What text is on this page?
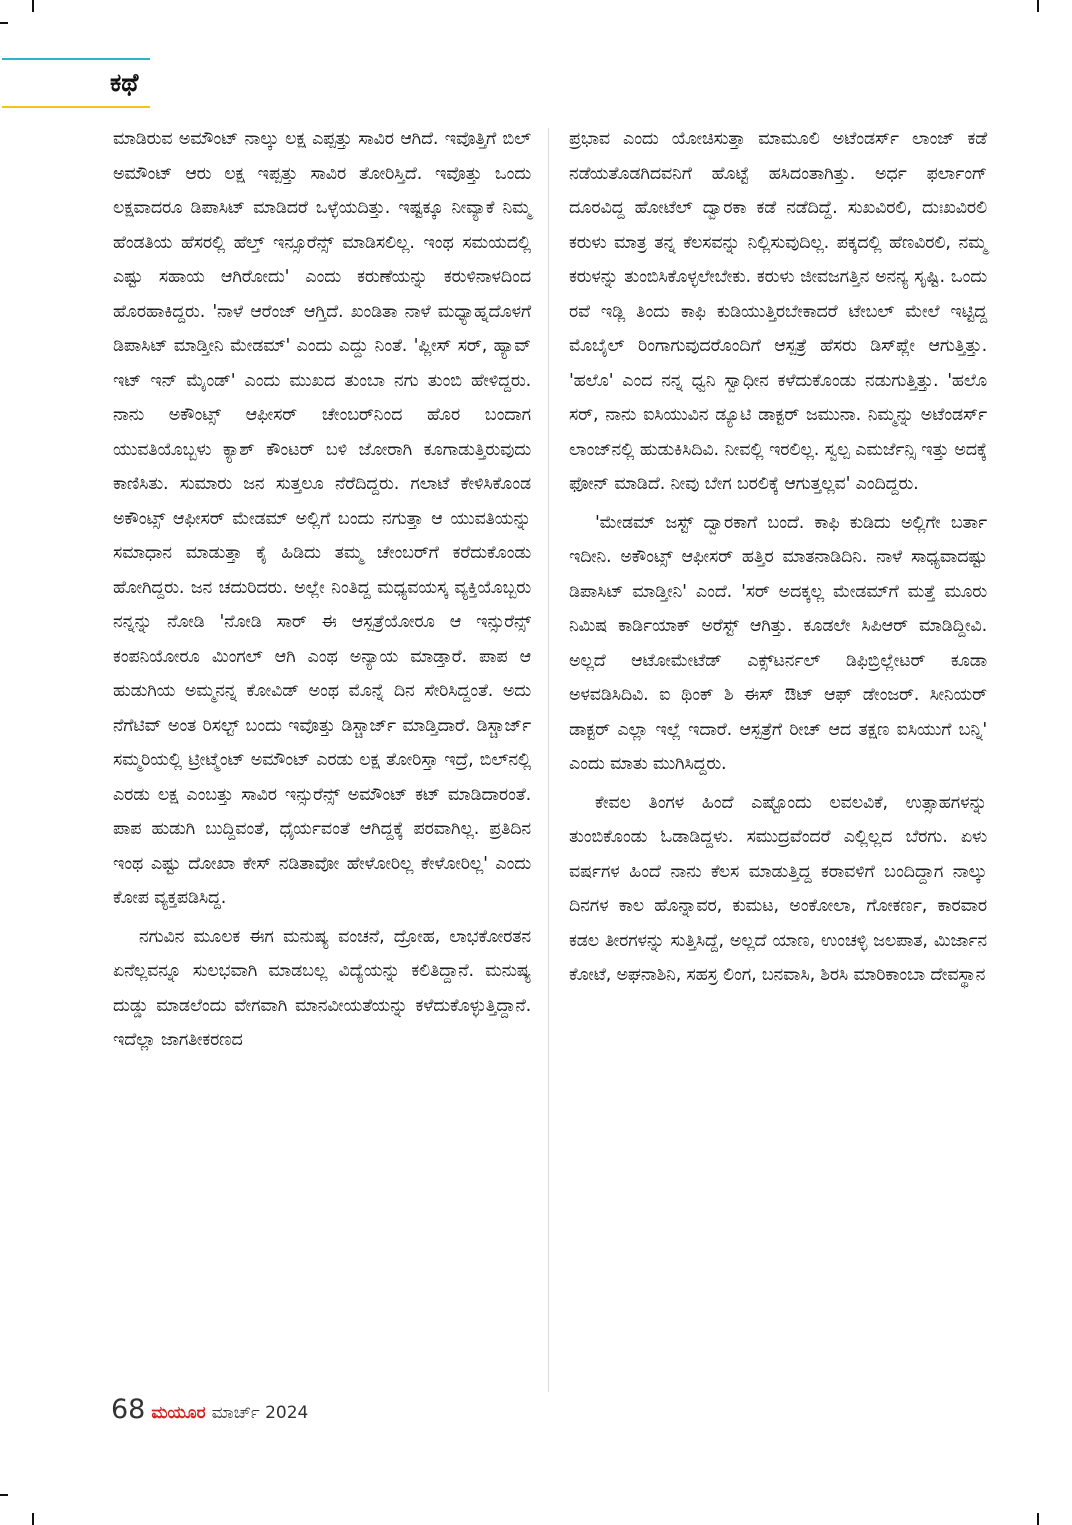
ಕಥೆ

ಮಾಡಿರುವ ಅಮೌಂಟ್ ನಾಲ್ಕು ಲಕ್ಷ ಎಪ್ಪತ್ತು ಸಾವಿರ ಆಗಿದೆ. ಇವೊತ್ತಿಗೆ ಬಿಲ್ ಅಮೌಂಟ್ ಆರು ಲಕ್ಷ ಇಪ್ಪತ್ತು ಸಾವಿರ ತೋರಿಸ್ತಿದೆ. ಇವೊತ್ತು ಒಂದು ಲಕ್ಷವಾದರೂ ಡಿಪಾಸಿಟ್ ಮಾಡಿದರೆ ಒಳ್ಳೆಯದಿತ್ತು. ಇಷ್ಟಕ್ಕೂ ನೀವ್ಯಾಕೆ ನಿಮ್ಮ ಹೆಂಡತಿಯ ಹೆಸರಲ್ಲಿ ಹೆಲ್ತ್ ಇನ್ಸೂರೆನ್ಸ್ ಮಾಡಿಸಲಿಲ್ಲ. ಇಂಥ ಸಮಯದಲ್ಲಿ ಎಷ್ಟು ಸಹಾಯ ಆಗಿರೋದು' ಎಂದು ಕರುಣೆಯನ್ನು ಕರುಳಿನಾಳದಿಂದ ಹೊರಹಾಕಿದ್ದರು. 'ನಾಳೆ ಆರೆಂಜ್ ಆಗ್ತಿದೆ. ಖಂಡಿತಾ ನಾಳೆ ಮಧ್ಯಾಹ್ನದೊಳಗೆ ಡಿಪಾಸಿಟ್ ಮಾಡ್ತೀನಿ ಮೇಡಮ್' ಎಂದು ಎದ್ದು ನಿಂತೆ. 'ಪ್ಲೀಸ್ ಸರ್, ಹ್ಯಾವ್ ಇಟ್ ಇನ್ ಮೈಂಡ್' ಎಂದು ಮುಖದ ತುಂಬಾ ನಗು ತುಂಬಿ ಹೇಳಿದ್ದರು. ನಾನು ಅಕೌಂಟ್ಸ್ ಆಫೀಸರ್ ಚೇಂಬರ್‌ನಿಂದ ಹೊರ ಬಂದಾಗ ಯುವತಿಯೊಬ್ಬಳು ಕ್ಯಾಶ್ ಕೌಂಟರ್ ಬಳಿ ಜೋರಾಗಿ ಕೂಗಾಡುತ್ತಿರುವುದು ಕಾಣಿಸಿತು. ಸುಮಾರು ಜನ ಸುತ್ತಲೂ ನೆರೆದಿದ್ದರು. ಗಲಾಟೆ ಕೇಳಿಸಿಕೊಂಡ ಅಕೌಂಟ್ಸ್ ಆಫೀಸರ್ ಮೇಡಮ್ ಅಲ್ಲಿಗೆ ಬಂದು ನಗುತ್ತಾ ಆ ಯುವತಿಯನ್ನು ಸಮಾಧಾನ ಮಾಡುತ್ತಾ ಕೈ ಹಿಡಿದು ತಮ್ಮ ಚೇಂಬರ್‌ಗೆ ಕರೆದುಕೊಂಡು ಹೋಗಿದ್ದರು. ಜನ ಚದುರಿದರು. ಅಲ್ಲೇ ನಿಂತಿದ್ದ ಮಧ್ಯವಯಸ್ಕ ವ್ಯಕ್ತಿಯೊಬ್ಬರು ನನ್ನನ್ನು ನೋಡಿ 'ನೋಡಿ ಸಾರ್ ಈ ಆಸ್ಪತ್ರೆಯೋರೂ ಆ ಇನ್ಸುರೆನ್ಸ್ ಕಂಪನಿಯೋರೂ ಮಿಂಗಲ್ ಆಗಿ ಎಂಥ ಅನ್ಯಾಯ ಮಾಡ್ತಾರೆ. ಪಾಪ ಆ ಹುಡುಗಿಯ ಅಮ್ಮನನ್ನ ಕೋವಿಡ್ ಅಂಥ ಮೊನ್ನೆ ದಿನ ಸೇರಿಸಿದ್ದಂತೆ. ಅದು ನೆಗೆಟಿವ್ ಅಂತ ರಿಸಲ್ಟ್ ಬಂದು ಇವೊತ್ತು ಡಿಸ್ಚಾರ್ಜ್ ಮಾಡ್ತಿದಾರೆ. ಡಿಸ್ಚಾರ್ಜ್ ಸಮ್ಮರಿಯಲ್ಲಿ ಟ್ರೀಟ್ಮೆಂಟ್ ಅಮೌಂಟ್ ಎರಡು ಲಕ್ಷ ತೋರಿಸ್ತಾ ಇದ್ರೆ, ಬಿಲ್‌ನಲ್ಲಿ ಎರಡು ಲಕ್ಷ ಎಂಬತ್ತು ಸಾವಿರ ಇನ್ಸುರೆನ್ಸ್ ಅಮೌಂಟ್ ಕಟ್ ಮಾಡಿದಾರಂತೆ. ಪಾಪ ಹುಡುಗಿ ಬುದ್ದಿವಂತೆ, ಧೈರ್ಯವಂತೆ ಆಗಿದ್ದಕ್ಕೆ ಪರವಾಗಿಲ್ಲ. ಪ್ರತಿದಿನ ಇಂಥ ಎಷ್ಟು ದೋಖಾ ಕೇಸ್ ನಡಿತಾವೋ ಹೇಳೋರಿಲ್ಲ ಕೇಳೋರಿಲ್ಲ' ಎಂದು ಕೋಪ ವ್ಯಕ್ತಪಡಿಸಿದ್ದ.

ನಗುವಿನ ಮೂಲಕ ಈಗ ಮನುಷ್ಯ ವಂಚನೆ, ದ್ರೋಹ, ಲಾಭಕೋರತನ ಏನೆಲ್ಲವನ್ನೂ ಸುಲಭವಾಗಿ ಮಾಡಬಲ್ಲ ವಿದ್ಯೆಯನ್ನು ಕಲಿತಿದ್ದಾನೆ. ಮನುಷ್ಯ ದುಡ್ಡು ಮಾಡಲೆಂದು ವೇಗವಾಗಿ ಮಾನವೀಯತೆಯನ್ನು ಕಳೆದುಕೊಳ್ಳುತ್ತಿದ್ದಾನೆ. ಇದೆಲ್ಲಾ ಜಾಗತೀಕರಣದ

ಪ್ರಭಾವ ಎಂದು ಯೋಚಿಸುತ್ತಾ ಮಾಮೂಲಿ ಅಟೆಂಡರ್ಸ್ ಲಾಂಜ್ ಕಡೆ ನಡೆಯತೊಡಗಿದವನಿಗೆ ಹೊಟ್ಟೆ ಹಸಿದಂತಾಗಿತ್ತು. ಅರ್ಧ ಫರ್ಲಾಂಗ್ ದೂರವಿದ್ದ ಹೋಟೆಲ್ ದ್ವಾರಕಾ ಕಡೆ ನಡೆದಿದ್ದೆ. ಸುಖವಿರಲಿ, ದುಃಖವಿರಲಿ ಕರುಳು ಮಾತ್ರ ತನ್ನ ಕೆಲಸವನ್ನು ನಿಲ್ಲಿಸುವುದಿಲ್ಲ. ಪಕ್ಕದಲ್ಲಿ ಹೆಣವಿರಲಿ, ನಮ್ಮ ಕರುಳನ್ನು ತುಂಬಿಸಿಕೊಳ್ಳಲೇಬೇಕು. ಕರುಳು ಜೀವಜಗತ್ತಿನ ಅನನ್ಯ ಸೃಷ್ಟಿ. ಒಂದು ರವೆ ಇಡ್ಲಿ ತಿಂದು ಕಾಫಿ ಕುಡಿಯುತ್ತಿರಬೇಕಾದರೆ ಟೇಬಲ್ ಮೇಲೆ ಇಟ್ಟಿದ್ದ ಮೊಬೈಲ್ ರಿಂಗಾಗುವುದರೊಂದಿಗೆ ಆಸ್ಪತ್ರೆ ಹೆಸರು ಡಿಸ್‌ಪ್ಲೇ ಆಗುತ್ತಿತ್ತು. 'ಹಲೊ' ಎಂದ ನನ್ನ ಧ್ವನಿ ಸ್ವಾಧೀನ ಕಳೆದುಕೊಂಡು ನಡುಗುತ್ತಿತ್ತು. 'ಹಲೊ ಸರ್, ನಾನು ಐಸಿಯುವಿನ ಡ್ಯೂಟಿ ಡಾಕ್ಟರ್ ಜಮುನಾ. ನಿಮ್ಮನ್ನು ಅಟೆಂಡರ್ಸ್ ಲಾಂಜ್‌ನಲ್ಲಿ ಹುಡುಕಿಸಿದಿವಿ. ನೀವಲ್ಲಿ ಇರಲಿಲ್ಲ. ಸ್ವಲ್ಪ ಎಮರ್ಜೆನ್ಸಿ ಇತ್ತು ಅದಕ್ಕೆ ಫೋನ್ ಮಾಡಿದೆ. ನೀವು ಬೇಗ ಬರಲಿಕ್ಕೆ ಆಗುತ್ತಲ್ಲವ' ಎಂದಿದ್ದರು.

'ಮೇಡಮ್ ಜಸ್ಟ್ ದ್ವಾರಕಾಗೆ ಬಂದೆ. ಕಾಫಿ ಕುಡಿದು ಅಲ್ಲಿಗೇ ಬರ್ತಾ ಇದೀನಿ. ಅಕೌಂಟ್ಸ್ ಆಫೀಸರ್ ಹತ್ತಿರ ಮಾತನಾಡಿದಿನಿ. ನಾಳೆ ಸಾಧ್ಯವಾದಷ್ಟು ಡಿಪಾಸಿಟ್ ಮಾಡ್ತೀನಿ' ಎಂದೆ. 'ಸರ್ ಅದಕ್ಕಲ್ಲ ಮೇಡಮ್‌ಗೆ ಮತ್ತೆ ಮೂರು ನಿಮಿಷ ಕಾರ್ಡಿಯಾಕ್ ಅರೆಸ್ಟ್ ಆಗಿತ್ತು. ಕೂಡಲೇ ಸಿಪಿಆರ್ ಮಾಡಿದ್ದೀವಿ. ಅಲ್ಲದೆ ಆಟೋಮೇಟೆಡ್ ಎಕ್ಸ್‌ಟರ್ನಲ್ ಡಿಫಿಬ್ರಿಲ್ಲೇಟರ್ ಕೂಡಾ ಅಳವಡಿಸಿದಿವಿ. ಐ ಥಿಂಕ್ ಶಿ ಈಸ್ ಔಟ್ ಆಫ್ ಡೇಂಜರ್. ಸೀನಿಯರ್ ಡಾಕ್ಟರ್ ಎಲ್ಲಾ ಇಲ್ಲೆ ಇದಾರೆ. ಆಸ್ಪತ್ರೆಗೆ ರೀಚ್ ಆದ ತಕ್ಷಣ ಐಸಿಯುಗೆ ಬನ್ನಿ' ಎಂದು ಮಾತು ಮುಗಿಸಿದ್ದರು.

ಕೇವಲ ತಿಂಗಳ ಹಿಂದೆ ಎಷ್ಟೊಂದು ಲವಲವಿಕೆ, ಉತ್ಸಾಹಗಳನ್ನು ತುಂಬಿಕೊಂಡು ಓಡಾಡಿದ್ದಳು. ಸಮುದ್ರವೆಂದರೆ ಎಲ್ಲಿಲ್ಲದ ಬೆರಗು. ಏಳು ವರ್ಷಗಳ ಹಿಂದೆ ನಾನು ಕೆಲಸ ಮಾಡುತ್ತಿದ್ದ ಕರಾವಳಿಗೆ ಬಂದಿದ್ದಾಗ ನಾಲ್ಕು ದಿನಗಳ ಕಾಲ ಹೊನ್ನಾವರ, ಕುಮಟ, ಅಂಕೋಲಾ, ಗೋಕರ್ಣ, ಕಾರವಾರ ಕಡಲ ತೀರಗಳನ್ನು ಸುತ್ತಿಸಿದ್ದೆ, ಅಲ್ಲದೆ ಯಾಣ, ಉಂಚಳ್ಳಿ ಜಲಪಾತ, ಮಿರ್ಜಾನ ಕೋಟೆ, ಅಘನಾಶಿನಿ, ಸಹಸ್ರ ಲಿಂಗ, ಬನವಾಸಿ, ಶಿರಸಿ ಮಾರಿಕಾಂಬಾ ದೇವಸ್ಥಾನ

68 ಮಯೂರ ಮಾರ್ಚ್ 2024
